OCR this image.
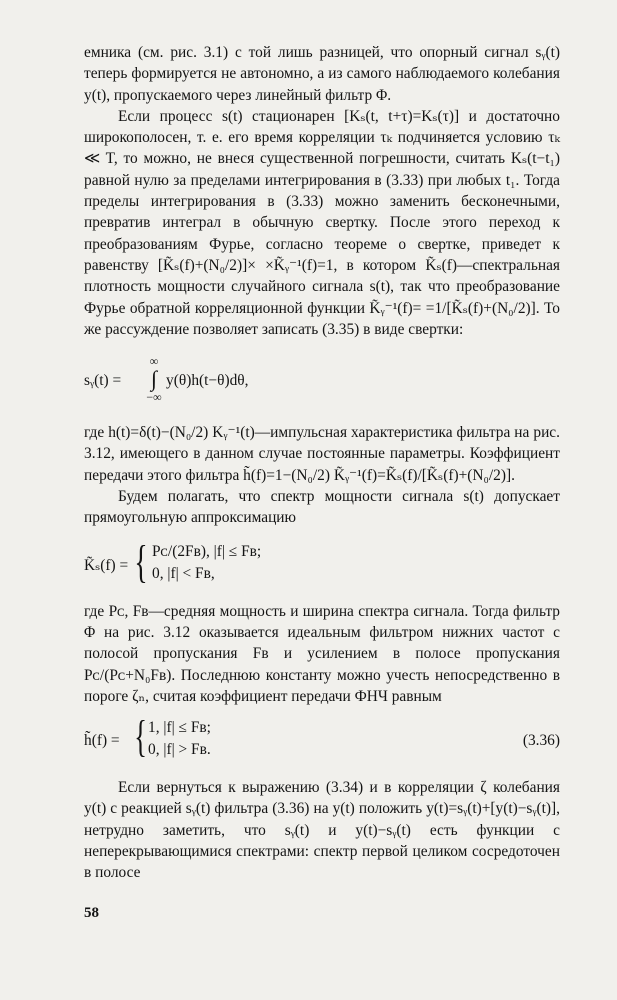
емника (см. рис. 3.1) с той лишь разницей, что опорный сигнал sᵧ(t) теперь формируется не автономно, а из самого наблюдаемого колебания y(t), пропускаемого через линейный фильтр Φ.

Если процесс s(t) стационарен [Kₛ(t, t+τ)=Kₛ(τ)] и достаточно широкополосен, т. е. его время корреляции τₖ подчиняется условию τₖ ≪ T, то можно, не внеся существенной погрешности, считать Kₛ(t−t₁) равной нулю за пределами интегрирования в (3.33) при любых t₁. Тогда пределы интегрирования в (3.33) можно заменить бесконечными, превратив интеграл в обычную свертку. После этого переход к преобразованиям Фурье, согласно теореме о свертке, приведет к равенству [K̃ₛ(f)+(N₀/2)]× ×K̃ᵧ⁻¹(f)=1, в котором K̃ₛ(f)—спектральная плотность мощности случайного сигнала s(t), так что преобразование Фурье обратной корреляционной функции K̃ᵧ⁻¹(f)= =1/[K̃ₛ(f)+(N₀/2)]. То же рассуждение позволяет записать (3.35) в виде свертки:

sᵧ(t) =
∞
∫
−∞
y(θ)h(t−θ)dθ,

где h(t)=δ(t)−(N₀/2) Kᵧ⁻¹(t)—импульсная характеристика фильтра на рис. 3.12, имеющего в данном случае постоянные параметры. Коэффициент передачи этого фильтра h̃(f)=1−(N₀/2) K̃ᵧ⁻¹(f)=K̃ₛ(f)/[K̃ₛ(f)+(N₀/2)].

Будем полагать, что спектр мощности сигнала s(t) допускает прямоугольную аппроксимацию

K̃ₛ(f) = { Pᴄ/(2Fв), |f| ≤ Fв;
0, |f| < Fв,

где Pᴄ, Fв—средняя мощность и ширина спектра сигнала. Тогда фильтр Φ на рис. 3.12 оказывается идеальным фильтром нижних частот с полосой пропускания Fв и усилением в полосе пропускания Pᴄ/(Pᴄ+N₀Fв). Последнюю константу можно учесть непосредственно в пороге ζₙ, считая коэффициент передачи ФНЧ равным

h̃(f) = { 1, |f| ≤ Fв;
0, |f| > Fв.
(3.36)

Если вернуться к выражению (3.34) и в корреляции ζ колебания y(t) с реакцией sᵧ(t) фильтра (3.36) на y(t) положить y(t)=sᵧ(t)+[y(t)−sᵧ(t)], нетрудно заметить, что sᵧ(t) и y(t)−sᵧ(t) есть функции с неперекрывающимися спектрами: спектр первой целиком сосредоточен в полосе

58
